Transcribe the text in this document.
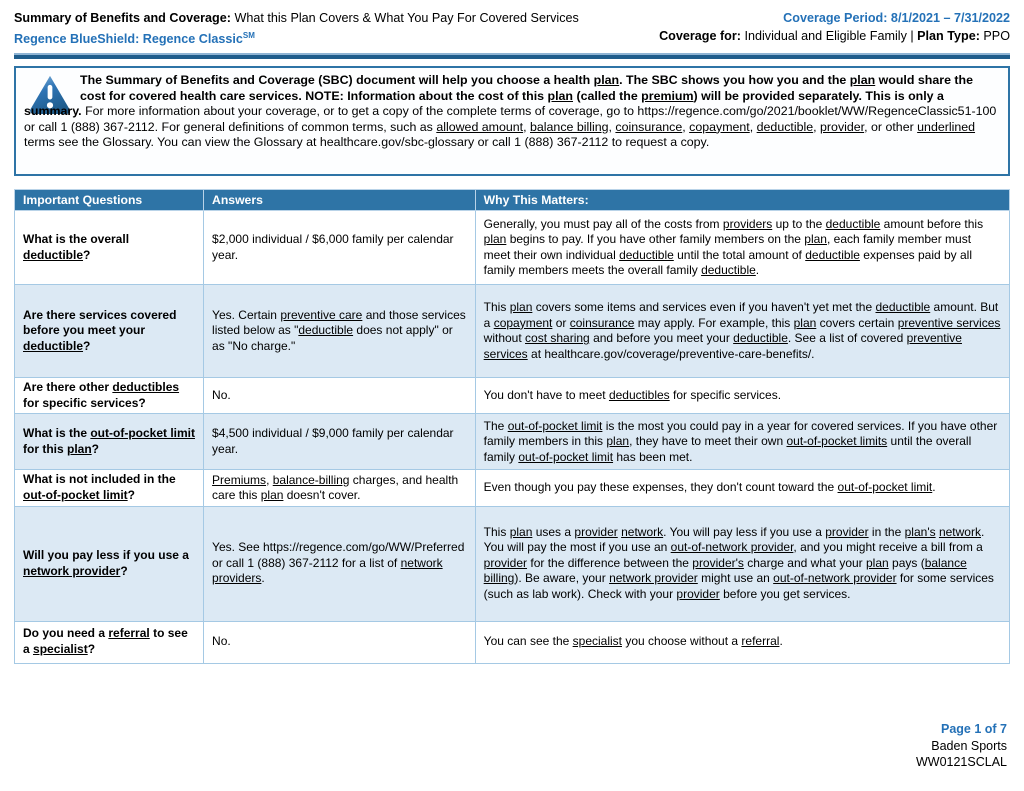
Summary of Benefits and Coverage: What this Plan Covers & What You Pay For Covered Services
Regence BlueShield: Regence Classic℠
Coverage Period: 8/1/2021 – 7/31/2022
Coverage for: Individual and Eligible Family | Plan Type: PPO
The Summary of Benefits and Coverage (SBC) document will help you choose a health plan. The SBC shows you how you and the plan would share the cost for covered health care services. NOTE: Information about the cost of this plan (called the premium) will be provided separately. This is only a summary. For more information about your coverage, or to get a copy of the complete terms of coverage, go to https://regence.com/go/2021/booklet/WW/RegenceClassic51-100 or call 1 (888) 367-2112. For general definitions of common terms, such as allowed amount, balance billing, coinsurance, copayment, deductible, provider, or other underlined terms see the Glossary. You can view the Glossary at healthcare.gov/sbc-glossary or call 1 (888) 367-2112 to request a copy.
Important Questions	Answers	Why This Matters:
What is the overall deductible?	$2,000 individual / $6,000 family per calendar year.	Generally, you must pay all of the costs from providers up to the deductible amount before this plan begins to pay. If you have other family members on the plan, each family member must meet their own individual deductible until the total amount of deductible expenses paid by all family members meets the overall family deductible.
Are there services covered before you meet your deductible?	Yes. Certain preventive care and those services listed below as "deductible does not apply" or as "No charge."	This plan covers some items and services even if you haven't yet met the deductible amount. But a copayment or coinsurance may apply. For example, this plan covers certain preventive services without cost sharing and before you meet your deductible. See a list of covered preventive services at healthcare.gov/coverage/preventive-care-benefits/.
Are there other deductibles for specific services?	No.	You don't have to meet deductibles for specific services.
What is the out-of-pocket limit for this plan?	$4,500 individual / $9,000 family per calendar year.	The out-of-pocket limit is the most you could pay in a year for covered services. If you have other family members in this plan, they have to meet their own out-of-pocket limits until the overall family out-of-pocket limit has been met.
What is not included in the out-of-pocket limit?	Premiums, balance-billing charges, and health care this plan doesn't cover.	Even though you pay these expenses, they don't count toward the out-of-pocket limit.
Will you pay less if you use a network provider?	Yes. See https://regence.com/go/WW/Preferred or call 1 (888) 367-2112 for a list of network providers.	This plan uses a provider network. You will pay less if you use a provider in the plan's network. You will pay the most if you use an out-of-network provider, and you might receive a bill from a provider for the difference between the provider's charge and what your plan pays (balance billing). Be aware, your network provider might use an out-of-network provider for some services (such as lab work). Check with your provider before you get services.
Do you need a referral to see a specialist?	No.	You can see the specialist you choose without a referral.
Page 1 of 7
Baden Sports
WW0121SCLAL
